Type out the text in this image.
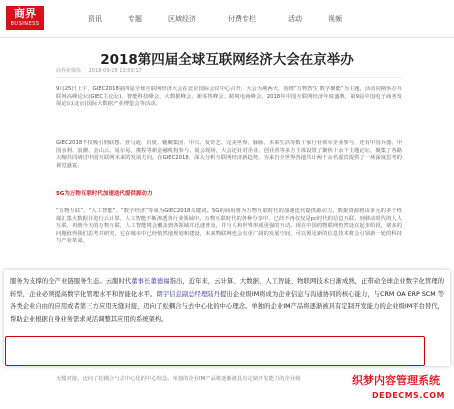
商界
BUSINESS
资讯	专题	区域经济	付费专栏	活动	视频
2018第四届全球互联网经济大会在京举办
商界新媒体 2018-09-28 13:50:17
9月25日上午，GIEC2018第四届全球互联网经济大会在北京国际会议中心召开，大会为期两天，围绕“万物智生 数字聚能”为主题，活动同期举办互联网高峰论坛(GIEC主论坛)、智能科技峰会、大数据峰会、新零售峰会、跨境电商峰会、2018年中国互联网经济年度盛典、第9届中国电子商务发展论坛(北京)国际大数据产业博览会等活动。
GIEC2018不仅吸引到联想、亚马逊、百度、魅聊集团、中兴、爱奇艺、完美世界、脉脉、本来生活等数十家行业领军企业参与，还有中国兵器、中国水利、浪潮、金山云、易尔易、携程等新金融机构参与。展会现场，大会还针对企业、创业者等多方主体设置了聚焦十余个主题论坛，聚集了各路大咖共同研讨中国互联网未来的发展方向。在GIEC2018，深入分析互联网经济新趋势，为来自全世界各地共计两千余名嘉宾提供了一场深度思考的视觉盛宴。
5G为万物互联时代加速迭代提供源动力
“万物互联”、“人工智能”、“数字经济”等成为GIEC2018关键词。5G的商用将为万物互联时代的加速迭代提供源动力。数据资源将由多元的多个终端汇集大数据并进行云计算，人工智能不断渗透各行业领域中。万物互联时代的各种分享中，已经不再仅仅是pc时代的信息互联，到移动时代的人人互联，再到今天的万物互联，人工智能将会覆盖到各领域并迅速普及，并与人和世界形成更强的互动。现在中国的物联网仍然处在起步阶段，诸多的问题值得我们思考并研究，它在城市中已经悄然地规划和建设，未来物联网也会有更广阔的发展空间，可以预见新的信息技术将会引领新一轮的科技与产业革命。
服务为支撑的全产业链服务生态。云服时代董事长董德福指出，近年来，云计算、大数据、人工智能、物联网技术日渐成熟，正带动全球企业数字化管理的转型，企业必须提高数字化管理水平和智能化水平。朗宇信息副总经理陆丹提出企业级IM将成为企业信息与沟通协同的核心能力，与CRM OA ERP SCM 等各类企业自由的应用或者第三方应用无缝对接，迈向了松耦合与去中心化的中心理念。单独的企业IM产品将逐渐被具有定制开发能力的企业级IM平台替代，帮助企业根据自身业务需求灵活调整其应用的系统架构。
无缝对接，迈向了松耦合与去中心化的中心理念。单独的企业IM产品将逐渐被具有定制开发能力的企业级	织梦内容管理系统
DEDECMS.COM
